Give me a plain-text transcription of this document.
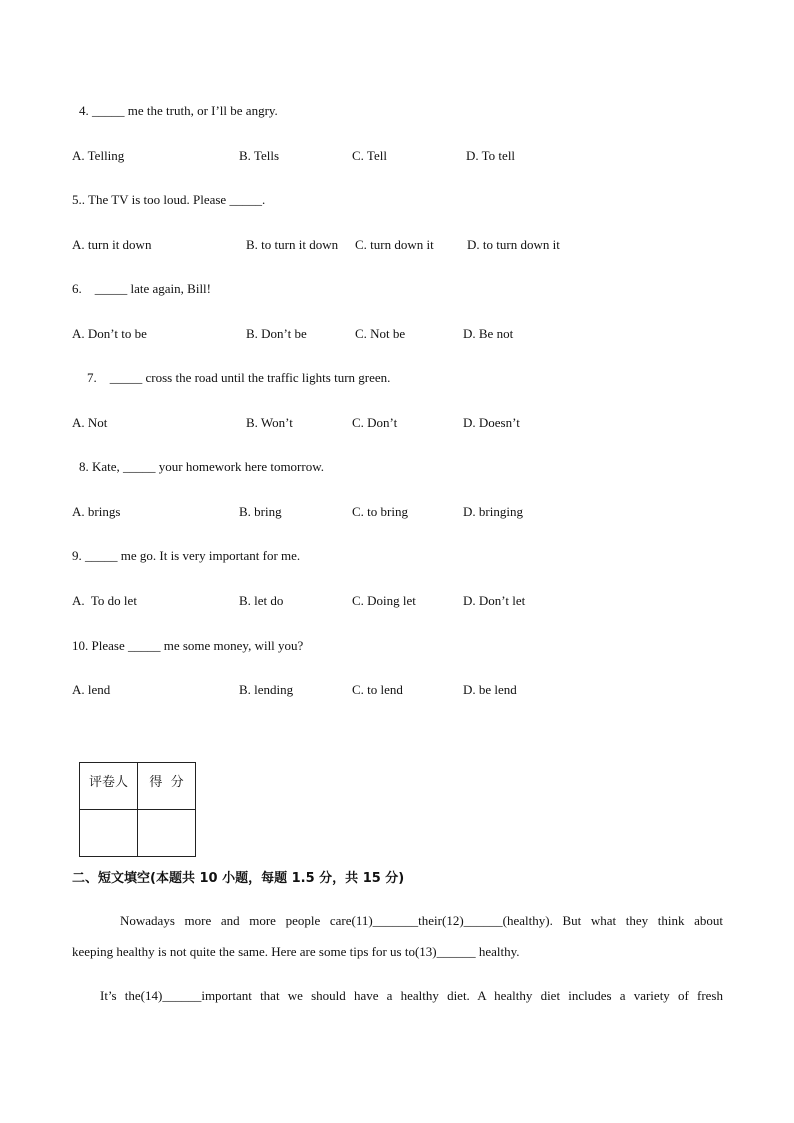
4. _____ me the truth, or I’ll be angry.
A. Telling	B. Tells	C. Tell	D. To tell
5.. The TV is too loud. Please _____.
A. turn it down	B. to turn it down C. turn down it	D. to turn down it
6.    _____ late again, Bill!
A. Don’t to be	B. Don’t be	C. Not be	D. Be not
7.    _____ cross the road until the traffic lights turn green.
A. Not	B. Won’t	C. Don’t	D. Doesn’t
8. Kate, _____ your homework here tomorrow.
A. brings	B. bring	C. to bring	D. bringing
9. _____ me go. It is very important for me.
A.  To do let	B. let do	C. Doing let	D. Don’t let
10. Please _____ me some money, will you?
A. lend	B. lending	C. to lend	D. be lend
评卷人	得  分

二、短文填空(本题共 10 小题，每题 1.5 分，共 15 分)
Nowadays more and more people care(11)_______their(12)______(healthy). But what they think about
keeping healthy is not quite the same. Here are some tips for us to(13)______ healthy.
It’s the(14)______important that we should have a healthy diet. A healthy diet includes a variety of fresh
